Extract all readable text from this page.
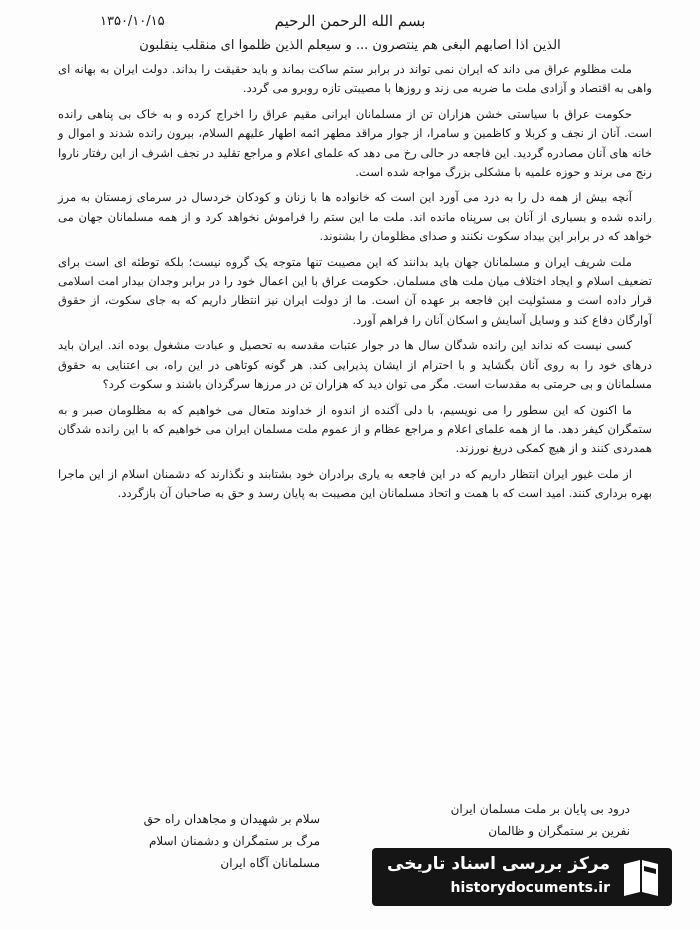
بسم الله الرحمن الرحیم
۱۳۵۰/۱۰/۱۵
الذین اذا اصابهم البغی هم ینتصرون ... و سیعلم الذین ظلموا ای منقلب ینقلبون

ملت مظلوم عراق می داند که ایران نمی تواند در برابر ستم ساکت بماند و باید حقیقت را بداند. دولت ایران به بهانه ای واهی به اقتصاد و آزادی ملت ما ضربه می زند و روزها با مصیبتی تازه روبرو می گردد.

حکومت عراق با سیاستی خشن هزاران تن از مسلمانان ایرانی مقیم عراق را اخراج کرده و به خاک بی پناهی رانده است. آنان از نجف و کربلا و کاظمین و سامرا، از جوار مراقد مطهر ائمه اطهار علیهم السلام، بیرون رانده شدند و اموال و خانه های آنان مصادره گردید. این فاجعه در حالی رخ می دهد که علمای اعلام و مراجع تقلید در نجف اشرف از این رفتار ناروا رنج می برند و حوزه علمیه با مشکلی بزرگ مواجه شده است.

آنچه بیش از همه دل را به درد می آورد این است که خانواده ها با زنان و کودکان خردسال در سرمای زمستان به مرز رانده شده و بسیاری از آنان بی سرپناه مانده اند. ملت ما این ستم را فراموش نخواهد کرد و از همه مسلمانان جهان می خواهد که در برابر این بیداد سکوت نکنند و صدای مظلومان را بشنوند.

ملت شریف ایران و مسلمانان جهان باید بدانند که این مصیبت تنها متوجه یک گروه نیست؛ بلکه توطئه ای است برای تضعیف اسلام و ایجاد اختلاف میان ملت های مسلمان. حکومت عراق با این اعمال خود را در برابر وجدان بیدار امت اسلامی قرار داده است و مسئولیت این فاجعه بر عهده آن است. ما از دولت ایران نیز انتظار داریم که به جای سکوت، از حقوق آوارگان دفاع کند و وسایل آسایش و اسکان آنان را فراهم آورد.

کسی نیست که نداند این رانده شدگان سال ها در جوار عتبات مقدسه به تحصیل و عبادت مشغول بوده اند. ایران باید درهای خود را به روی آنان بگشاید و با احترام از ایشان پذیرایی کند. هر گونه کوتاهی در این راه، بی اعتنایی به حقوق مسلمانان و بی حرمتی به مقدسات است. مگر می توان دید که هزاران تن در مرزها سرگردان باشند و سکوت کرد؟

ما اکنون که این سطور را می نویسیم، با دلی آکنده از اندوه از خداوند متعال می خواهیم که به مظلومان صبر و به ستمگران کیفر دهد. ما از همه علمای اعلام و مراجع عظام و از عموم ملت مسلمان ایران می خواهیم که با این رانده شدگان همدردی کنند و از هیچ کمکی دریغ نورزند.

از ملت غیور ایران انتظار داریم که در این فاجعه به یاری برادران خود بشتابند و نگذارند که دشمنان اسلام از این ماجرا بهره برداری کنند. امید است که با همت و اتحاد مسلمانان این مصیبت به پایان رسد و حق به صاحبان آن بازگردد.

درود بی پایان بر ملت مسلمان ایران
نفرین بر ستمگران و ظالمان
سلام بر شهیدان و مجاهدان راه حق
مرگ بر ستمگران و دشمنان اسلام
مسلمانان آگاه ایران	مرکز بررسی اسناد تاریخی
historydocuments.ir
